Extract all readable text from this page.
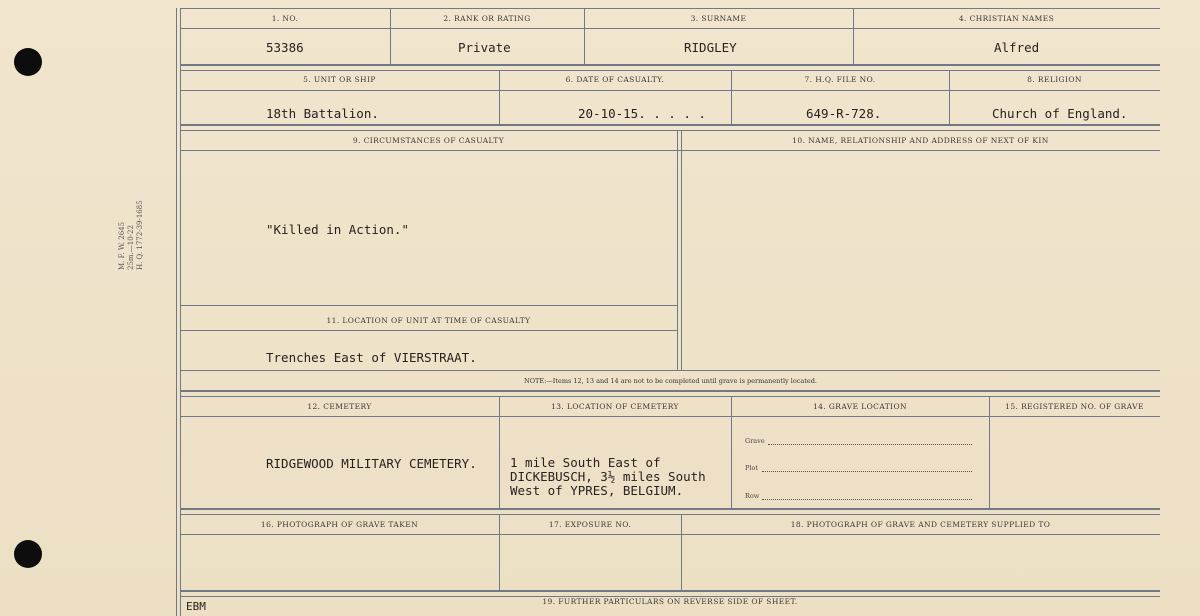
M. F. W. 2645 25m.—10-22 H. Q. 1772-39-1685
1. NO.	2. RANK OR RATING	3. SURNAME	4. CHRISTIAN NAMES
53386	Private	RIDGLEY	Alfred
5. UNIT OR SHIP	6. DATE OF CASUALTY.	7. H.Q. FILE NO.	8. RELIGION
18th Battalion.	20-10-15. . . . .	649-R-728.	Church of England.
9. CIRCUMSTANCES OF CASUALTY	10. NAME, RELATIONSHIP AND ADDRESS OF NEXT OF KIN
"Killed in Action."
11. LOCATION OF UNIT AT TIME OF CASUALTY
Trenches East of VIERSTRAAT.
NOTE:—Items 12, 13 and 14 are not to be completed until grave is permanently located.
12. CEMETERY	13. LOCATION OF CEMETERY	14. GRAVE LOCATION	15. REGISTERED NO. OF GRAVE
RIDGEWOOD MILITARY CEMETERY.	1 mile South East of
DICKEBUSCH, 3½ miles South
West of YPRES, BELGIUM.
Grave
Plot
Row
16. PHOTOGRAPH OF GRAVE TAKEN	17. EXPOSURE NO.	18. PHOTOGRAPH OF GRAVE AND CEMETERY SUPPLIED TO
19. FURTHER PARTICULARS ON REVERSE SIDE OF SHEET.
EBM
